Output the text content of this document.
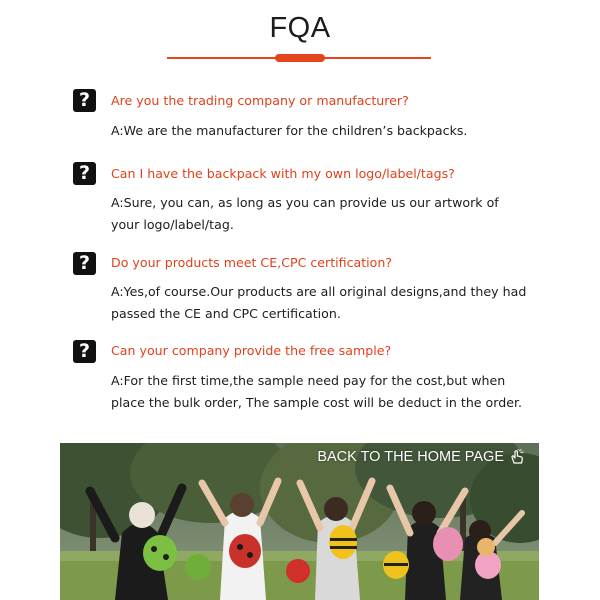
FQA
?	Are you the trading company or manufacturer?
A:We are the manufacturer for the children’s backpacks.
?	Can I have the backpack with my own logo/label/tags?
A:Sure, you can, as long as you can provide us our artwork of your logo/label/tag.
?	Do your products meet CE,CPC certification?
A:Yes,of course.Our products are all original designs,and they had passed the CE and CPC certification.
?	Can your company provide the free sample?
A:For the first time,the sample need pay for the cost,but when place the bulk order, The sample cost will be deduct in the order.
BACK TO THE HOME PAGE
